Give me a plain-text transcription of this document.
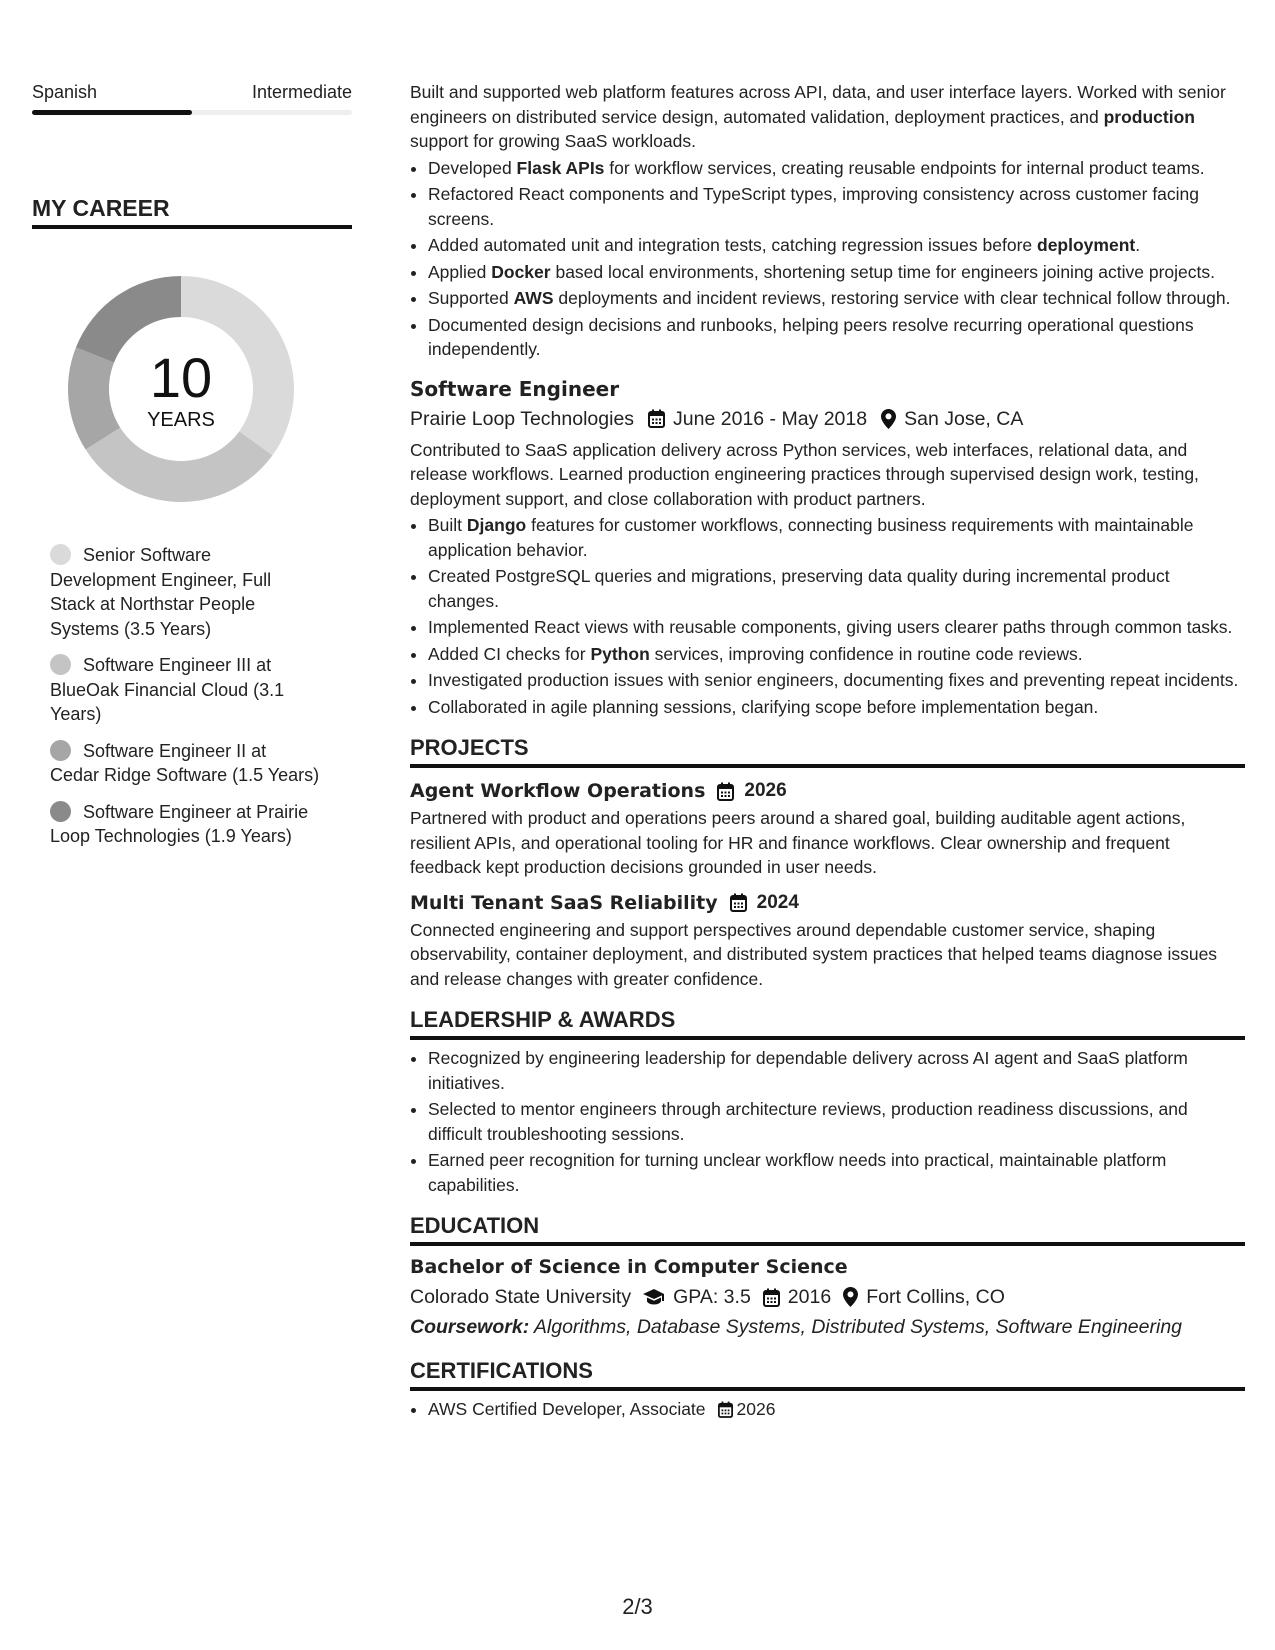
Spanish	Intermediate
MY CAREER
10
YEARS
Senior Software Development Engineer, Full Stack at Northstar People Systems (3.5 Years)
Software Engineer III at BlueOak Financial Cloud (3.1 Years)
Software Engineer II at Cedar Ridge Software (1.5 Years)
Software Engineer at Prairie Loop Technologies (1.9 Years)

Built and supported web platform features across API, data, and user interface layers. Worked with senior engineers on distributed service design, automated validation, deployment practices, and production support for growing SaaS workloads.

• Developed Flask APIs for workflow services, creating reusable endpoints for internal product teams.
• Refactored React components and TypeScript types, improving consistency across customer facing screens.
• Added automated unit and integration tests, catching regression issues before deployment.
• Applied Docker based local environments, shortening setup time for engineers joining active projects.
• Supported AWS deployments and incident reviews, restoring service with clear technical follow through.
• Documented design decisions and runbooks, helping peers resolve recurring operational questions independently.
Software Engineer
Prairie Loop Technologies June 2016 - May 2018 San Jose, CA

Contributed to SaaS application delivery across Python services, web interfaces, relational data, and release workflows. Learned production engineering practices through supervised design work, testing, deployment support, and close collaboration with product partners.

• Built Django features for customer workflows, connecting business requirements with maintainable application behavior.
• Created PostgreSQL queries and migrations, preserving data quality during incremental product changes.
• Implemented React views with reusable components, giving users clearer paths through common tasks.
• Added CI checks for Python services, improving confidence in routine code reviews.
• Investigated production issues with senior engineers, documenting fixes and preventing repeat incidents.
• Collaborated in agile planning sessions, clarifying scope before implementation began.
PROJECTS
Agent Workflow Operations 2026

Partnered with product and operations peers around a shared goal, building auditable agent actions, resilient APIs, and operational tooling for HR and finance workflows. Clear ownership and frequent feedback kept production decisions grounded in user needs.

Multi Tenant SaaS Reliability 2024

Connected engineering and support perspectives around dependable customer service, shaping observability, container deployment, and distributed system practices that helped teams diagnose issues and release changes with greater confidence.

LEADERSHIP & AWARDS
• Recognized by engineering leadership for dependable delivery across AI agent and SaaS platform initiatives.
• Selected to mentor engineers through architecture reviews, production readiness discussions, and difficult troubleshooting sessions.
• Earned peer recognition for turning unclear workflow needs into practical, maintainable platform capabilities.
EDUCATION
Bachelor of Science in Computer Science
Colorado State University GPA: 3.5 2016 Fort Collins, CO
Coursework: Algorithms, Database Systems, Distributed Systems, Software Engineering
CERTIFICATIONS
• AWS Certified Developer, Associate 2026
2/3
